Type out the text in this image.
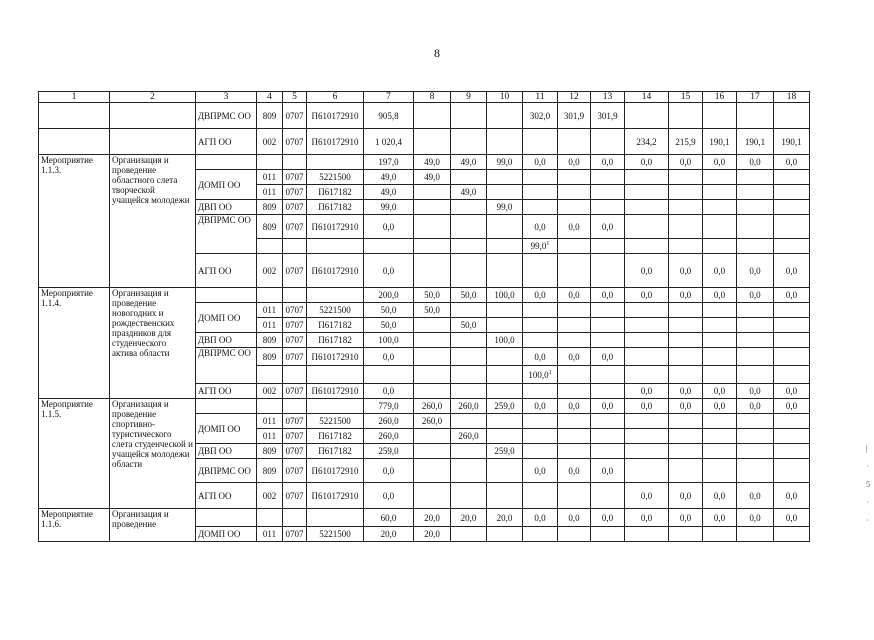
8
1	2	3	4	5	6	7	8	9	10	11	12	13	14	15	16	17	18
		ДВПРМС ОО	809	0707	П610172910	905,8				302,0	301,9	301,9					
		АГП ОО	002	0707	П610172910	1 020,4							234,2	215,9	190,1	190,1	190,1
Мероприятие 1.1.3.	Организация и проведение областного слета творческой учащейся молодежи					197,0	49,0	49,0	99,0	0,0	0,0	0,0	0,0	0,0	0,0	0,0	0,0
		ДОМП ОО	011	0707	5221500	49,0	49,0										
			011	0707	П617182	49,0		49,0									
		ДВП ОО	809	0707	П617182	99,0			99,0								
		ДВПРМС ОО	809	0707	П610172910	0,0				0,0	0,0	0,0					
										99,0$^1$							
		АГП ОО	002	0707	П610172910	0,0							0,0	0,0	0,0	0,0	0,0
Мероприятие 1.1.4.	Организация и проведение новогодних и рождественских праздников для студенческого актива области					200,0	50,0	50,0	100,0	0,0	0,0	0,0	0,0	0,0	0,0	0,0	0,0
		ДОМП ОО	011	0707	5221500	50,0	50,0										
			011	0707	П617182	50,0		50,0									
		ДВП ОО	809	0707	П617182	100,0			100,0								
		ДВПРМС ОО	809	0707	П610172910	0,0				0,0	0,0	0,0					
										100,0$^1$							
		АГП ОО	002	0707	П610172910	0,0							0,0	0,0	0,0	0,0	0,0
Мероприятие 1.1.5.	Организация и проведение спортивно-туристического слета студенческой и учащейся молодежи области					779,0	260,0	260,0	259,0	0,0	0,0	0,0	0,0	0,0	0,0	0,0	0,0
		ДОМП ОО	011	0707	5221500	260,0	260,0										
			011	0707	П617182	260,0		260,0									
		ДВП ОО	809	0707	П617182	259,0			259,0								
		ДВПРМС ОО	809	0707	П610172910	0,0				0,0	0,0	0,0					
		АГП ОО	002	0707	П610172910	0,0							0,0	0,0	0,0	0,0	0,0
Мероприятие 1.1.6.	Организация и проведение					60,0	20,0	20,0	20,0	0,0	0,0	0,0	0,0	0,0	0,0	0,0	0,0
		ДОМП ОО	011	0707	5221500	20,0	20,0										
|
·
5
·
·
